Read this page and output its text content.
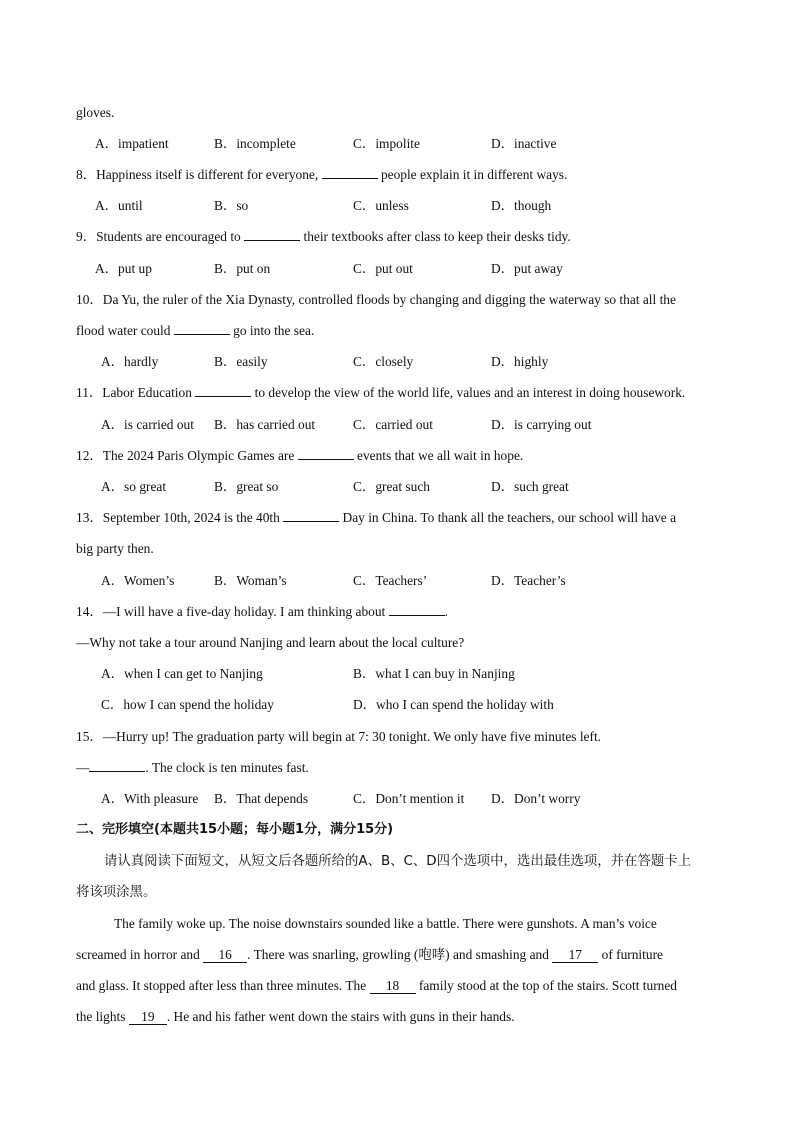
gloves.
A．impatient	B．incomplete	C．impolite	D．inactive
8．Happiness itself is different for everyone,	people explain it in different ways.
A．until	B．so	C．unless	D．though
9．Students are encouraged to	their textbooks after class to keep their desks tidy.
A．put up	B．put on	C．put out	D．put away
10．Da Yu, the ruler of the Xia Dynasty, controlled floods by changing and digging the waterway so that all the
flood water could	go into the sea.
A．hardly	B．easily	C．closely	D．highly
11．Labor Education	to develop the view of the world life, values and an interest in doing housework.
A．is carried out B．has carried out	C．carried out	D．is carrying out
12．The 2024 Paris Olympic Games are	events that we all wait in hope.
A．so great	B．great so	C．great such	D．such great
13．September 10th, 2024 is the 40th	Day in China. To thank all the teachers, our school will have a
big party then.
A．Women’s	B．Woman’s	C．Teachers’	D．Teacher’s
14．—I will have a five-day holiday. I am thinking about	.
—Why not take a tour around Nanjing and learn about the local culture?
A．when I can get to Nanjing	B．what I can buy in Nanjing
C．how I can spend the holiday	D．who I can spend the holiday with
15．—Hurry up! The graduation party will begin at 7: 30 tonight. We only have five minutes left.
—	. The clock is ten minutes fast.
A．With pleasure B．That depends	C．Don’t mention it D．Don’t worry
二、完形填空(本题共15小题；每小题1分，满分15分)
请认真阅读下面短文，从短文后各题所给的A、B、C、D四个选项中，选出最佳选项，并在答题卡上
将该项涂黑。
The family woke up. The noise downstairs sounded like a battle. There were gunshots. A man’s voice
screamed in horror and 16 . There was snarling, growling (咆哮) and smashing and 17 of furniture
and glass. It stopped after less than three minutes. The 18 family stood at the top of the stairs. Scott turned
the lights 19 . He and his father went down the stairs with guns in their hands.
